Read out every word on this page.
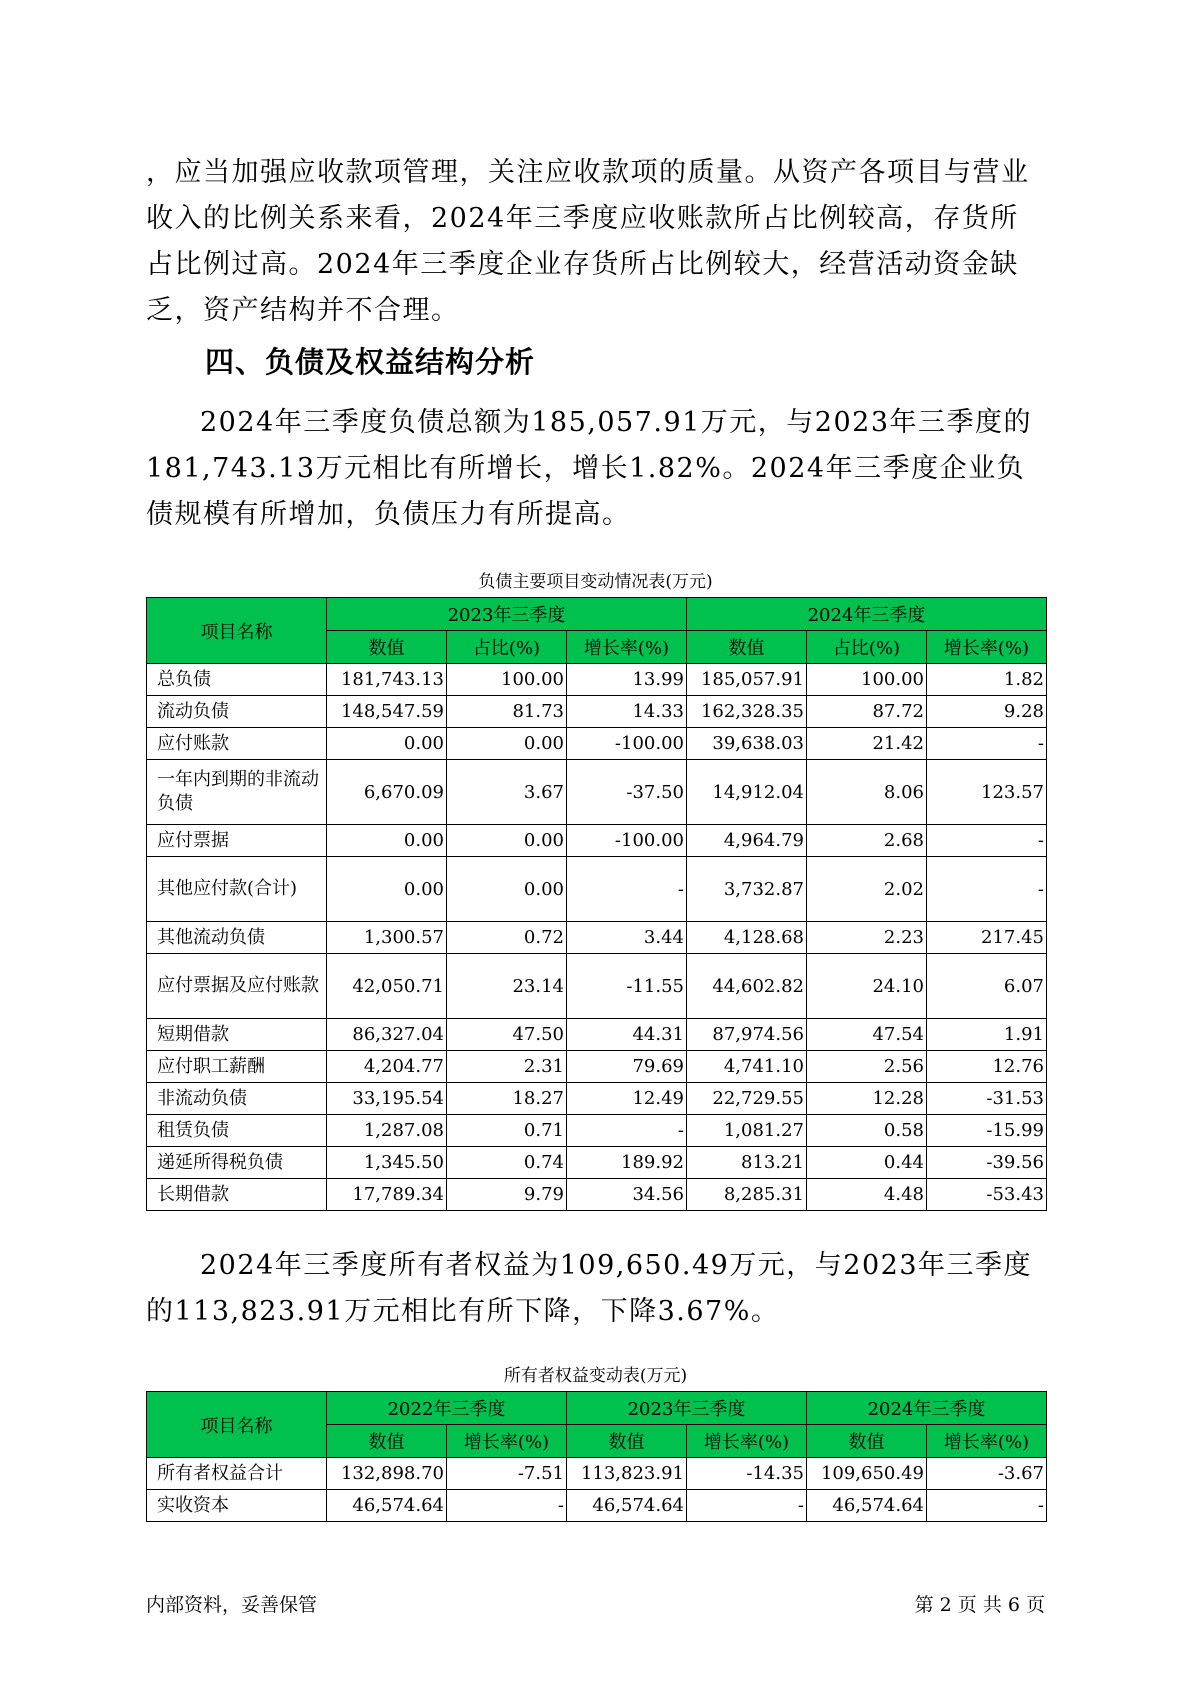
，应当加强应收款项管理，关注应收款项的质量。从资产各项目与营业收入的比例关系来看，2024年三季度应收账款所占比例较高，存货所占比例过高。2024年三季度企业存货所占比例较大，经营活动资金缺乏，资产结构并不合理。

四、负债及权益结构分析

2024年三季度负债总额为185,057.91万元，与2023年三季度的181,743.13万元相比有所增长，增长1.82%。2024年三季度企业负债规模有所增加，负债压力有所提高。

负债主要项目变动情况表(万元)

项目名称	2023年三季度			2024年三季度		
	数值	占比(%)	增长率(%)	数值	占比(%)	增长率(%)
总负债	181,743.13	100.00	13.99	185,057.91	100.00	1.82
流动负债	148,547.59	81.73	14.33	162,328.35	87.72	9.28
应付账款	0.00	0.00	-100.00	39,638.03	21.42	-
一年内到期的非流动负债	6,670.09	3.67	-37.50	14,912.04	8.06	123.57
应付票据	0.00	0.00	-100.00	4,964.79	2.68	-
其他应付款(合计)	0.00	0.00	-	3,732.87	2.02	-
其他流动负债	1,300.57	0.72	3.44	4,128.68	2.23	217.45
应付票据及应付账款	42,050.71	23.14	-11.55	44,602.82	24.10	6.07
短期借款	86,327.04	47.50	44.31	87,974.56	47.54	1.91
应付职工薪酬	4,204.77	2.31	79.69	4,741.10	2.56	12.76
非流动负债	33,195.54	18.27	12.49	22,729.55	12.28	-31.53
租赁负债	1,287.08	0.71	-	1,081.27	0.58	-15.99
递延所得税负债	1,345.50	0.74	189.92	813.21	0.44	-39.56
长期借款	17,789.34	9.79	34.56	8,285.31	4.48	-53.43

2024年三季度所有者权益为109,650.49万元，与2023年三季度的113,823.91万元相比有所下降，下降3.67%。

所有者权益变动表(万元)

项目名称	2022年三季度		2023年三季度		2024年三季度	
	数值	增长率(%)	数值	增长率(%)	数值	增长率(%)
所有者权益合计	132,898.70	-7.51	113,823.91	-14.35	109,650.49	-3.67
实收资本	46,574.64	-	46,574.64	-	46,574.64	-

内部资料，妥善保管	第 2 页 共 6 页
